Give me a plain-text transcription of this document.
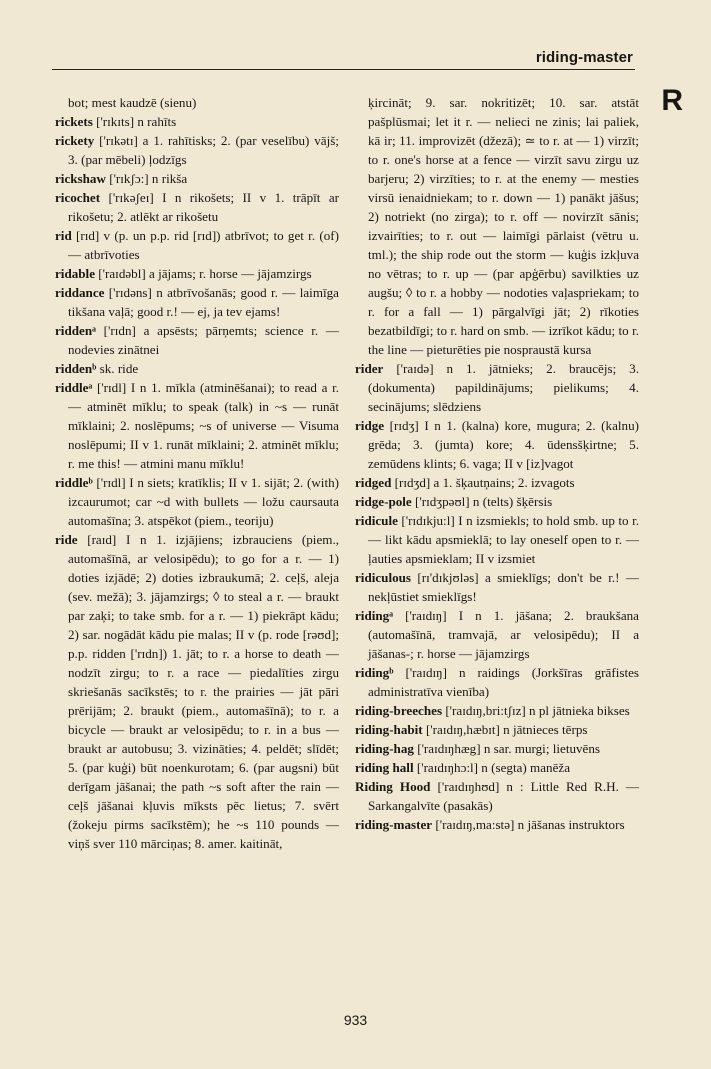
riding-master
R
bot; mest kaudzē (sienu)
rickets ['rɪkɪts] n rahīts
rickety ['rɪkətɪ] a 1. rahītisks; 2. (par veselību) vājš; 3. (par mēbeli) ļodzīgs
rickshaw ['rɪkʃɔ:] n rikša
ricochet ['rɪkəʃeɪ] I n rikošets; II v 1. trāpīt ar rikošetu; 2. atlēkt ar rikošetu
rid [rɪd] v (p. un p.p. rid [rɪd]) atbrīvot; to get r. (of) — atbrīvoties
ridable ['raɪdəbl] a jājams; r. horse — jājamzirgs
riddance ['rɪdəns] n atbrīvošanās; good r. — laimīga tikšana vaļā; good r.! — ej, ja tev ejams!
riddenᵃ ['rɪdn] a apsēsts; pārņemts; science r. — nodevies zinātnei
riddenᵇ sk. ride
riddleᵃ ['rɪdl] I n 1. mīkla (atminēšanai); to read a r. — atminēt mīklu; to speak (talk) in ~s — runāt mīklaini; 2. noslēpums; ~s of universe — Visuma noslēpumi; II v 1. runāt mīklaini; 2. atminēt mīklu; r. me this! — atmini manu mīklu!
riddleᵇ ['rɪdl] I n siets; kratīklis; II v 1. sijāt; 2. (with) izcaurumot; car ~d with bullets — ložu caursauta automašīna; 3. atspēkot (piem., teoriju)
ride [raɪd] I n 1. izjājiens; izbrauciens (piem., automašīnā, ar velosipēdu); to go for a r. — 1) doties izjādē; 2) doties izbraukumā; 2. ceļš, aleja (sev. mežā); 3. jājamzirgs; ◊ to steal a r. — braukt par zaķi; to take smb. for a r. — 1) piekrāpt kādu; 2) sar. nogādāt kādu pie malas; II v (p. rode [rəʊd]; p.p. ridden ['rɪdn]) 1. jāt; to r. a horse to death — nodzīt zirgu; to r. a race — piedalīties zirgu skriešanās sacīkstēs; to r. the prairies — jāt pāri prērijām; 2. braukt (piem., automašīnā); to r. a bicycle — braukt ar velosipēdu; to r. in a bus — braukt ar autobusu; 3. vizināties; 4. peldēt; slīdēt; 5. (par kuģi) būt noenkurotam; 6. (par augsni) būt derīgam jāšanai; the path ~s soft after the rain — ceļš jāšanai kļuvis mīksts pēc lietus; 7. svērt (žokeju pirms sacīkstēm); he ~s 110 pounds — viņš sver 110 mārciņas; 8. amer. kaitināt,
ķircināt; 9. sar. nokritizēt; 10. sar. atstāt pašplūsmai; let it r. — nelieci ne zinis; lai paliek, kā ir; 11. improvizēt (džezā); ≃ to r. at — 1) virzīt; to r. one's horse at a fence — virzīt savu zirgu uz barjeru; 2) virzīties; to r. at the enemy — mesties virsū ienaidniekam; to r. down — 1) panākt jāšus; 2) notriekt (no zirga); to r. off — novirzīt sānis; izvairīties; to r. out — laimīgi pārlaist (vētru u. tml.); the ship rode out the storm — kuģis izkļuva no vētras; to r. up — (par apģērbu) savilkties uz augšu; ◊ to r. a hobby — nodoties vaļaspriekam; to r. for a fall — 1) pārgalvīgi jāt; 2) rīkoties bezatbildīgi; to r. hard on smb. — izrīkot kādu; to r. the line — pieturēties pie nospraustā kursa
rider ['raɪdə] n 1. jātnieks; 2. braucējs; 3. (dokumenta) papildinājums; pielikums; 4. secinājums; slēdziens
ridge [rɪdʒ] I n 1. (kalna) kore, mugura; 2. (kalnu) grēda; 3. (jumta) kore; 4. ūdensšķirtne; 5. zemūdens klints; 6. vaga; II v [iz]vagot
ridged [rɪdʒd] a 1. šķautņains; 2. izvagots
ridge-pole ['rɪdʒpəʊl] n (telts) šķērsis
ridicule ['rɪdɪkju:l] I n izsmiekls; to hold smb. up to r. — likt kādu apsmieklā; to lay oneself open to r. — ļauties apsmieklam; II v izsmiet
ridiculous [rɪ'dɪkjʊləs] a smieklīgs; don't be r.! — nekļūstiet smieklīgs!
ridingᵃ ['raɪdɪŋ] I n 1. jāšana; 2. braukšana (automašīnā, tramvajā, ar velosipēdu); II a jāšanas-; r. horse — jājamzirgs
ridingᵇ ['raɪdɪŋ] n raidings (Jorkšīras grāfistes administratīva vienība)
riding-breeches ['raɪdɪŋ,bri:tʃɪz] n pl jātnieka bikses
riding-habit ['raɪdɪŋ,hæbɪt] n jātnieces tērps
riding-hag ['raɪdɪŋhæg] n sar. murgi; lietuvēns
riding hall ['raɪdɪŋhɔ:l] n (segta) manēža
Riding Hood ['raɪdɪŋhʊd] n : Little Red R.H. — Sarkangalvīte (pasakās)
riding-master ['raɪdɪŋ,ma:stə] n jāšanas instruktors
933
